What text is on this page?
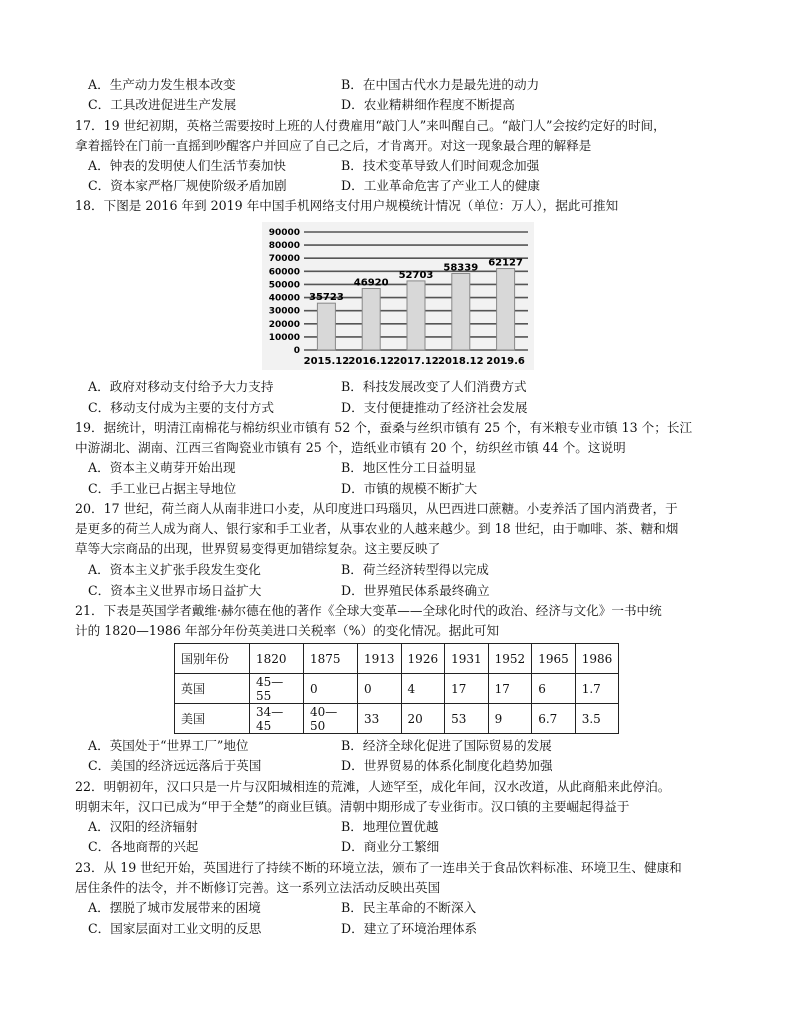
A．生产动力发生根本改变	B．在中国古代水力是最先进的动力
C．工具改进促进生产发展	D．农业精耕细作程度不断提高
17．19 世纪初期，英格兰需要按时上班的人付费雇用“敲门人”来叫醒自己。“敲门人”会按约定好的时间，
拿着摇铃在门前一直摇到吵醒客户并回应了自己之后，才肯离开。对这一现象最合理的解释是
A．钟表的发明使人们生活节奏加快	B．技术变革导致人们时间观念加强
C．资本家严格厂规使阶级矛盾加剧	D．工业革命危害了产业工人的健康
18．下图是 2016 年到 2019 年中国手机网络支付用户规模统计情况（单位：万人），据此可推知
90000
80000
70000
60000
50000
40000
30000
20000
10000
0
35723
46920
52703
58339 62127
2015.12 2016.12 2017.12 2018.12 2019.6
A．政府对移动支付给予大力支持	B．科技发展改变了人们消费方式
C．移动支付成为主要的支付方式	D．支付便捷推动了经济社会发展
19．据统计，明清江南棉花与棉纺织业市镇有 52 个，蚕桑与丝织市镇有 25 个，有米粮专业市镇 13 个；长江
中游湖北、湖南、江西三省陶瓷业市镇有 25 个，造纸业市镇有 20 个，纺织丝市镇 44 个。这说明
A．资本主义萌芽开始出现	B．地区性分工日益明显
C．手工业已占据主导地位	D．市镇的规模不断扩大
20．17 世纪，荷兰商人从南非进口小麦，从印度进口玛瑙贝，从巴西进口蔗糖。小麦养活了国内消费者，于
是更多的荷兰人成为商人、银行家和手工业者，从事农业的人越来越少。到 18 世纪，由于咖啡、茶、糖和烟
草等大宗商品的出现，世界贸易变得更加错综复杂。这主要反映了
A．资本主义扩张手段发生变化	B．荷兰经济转型得以完成
C．资本主义世界市场日益扩大	D．世界殖民体系最终确立
21．下表是英国学者戴维·赫尔德在他的著作《全球大变革——全球化时代的政治、经济与文化》一书中统
计的 1820—1986 年部分年份英美进口关税率（%）的变化情况。据此可知
国别年份	1820	1875	1913	1926	1931	1952	1965	1986
英国	45—55	0	0	4	17	17	6	1.7
美国	34—45	40—50	33	20	53	9	6.7	3.5
A．英国处于“世界工厂”地位	B．经济全球化促进了国际贸易的发展
C．美国的经济远远落后于英国	D．世界贸易的体系化制度化趋势加强
22．明朝初年，汉口只是一片与汉阳城相连的荒滩，人迹罕至，成化年间，汉水改道，从此商船来此停泊。
明朝末年，汉口已成为“甲于全楚”的商业巨镇。清朝中期形成了专业街市。汉口镇的主要崛起得益于
A．汉阳的经济辐射	B．地理位置优越
C．各地商帮的兴起	D．商业分工繁细
23．从 19 世纪开始，英国进行了持续不断的环境立法，颁布了一连串关于食品饮料标准、环境卫生、健康和
居住条件的法令，并不断修订完善。这一系列立法活动反映出英国
A．摆脱了城市发展带来的困境	B．民主革命的不断深入
C．国家层面对工业文明的反思	D．建立了环境治理体系
